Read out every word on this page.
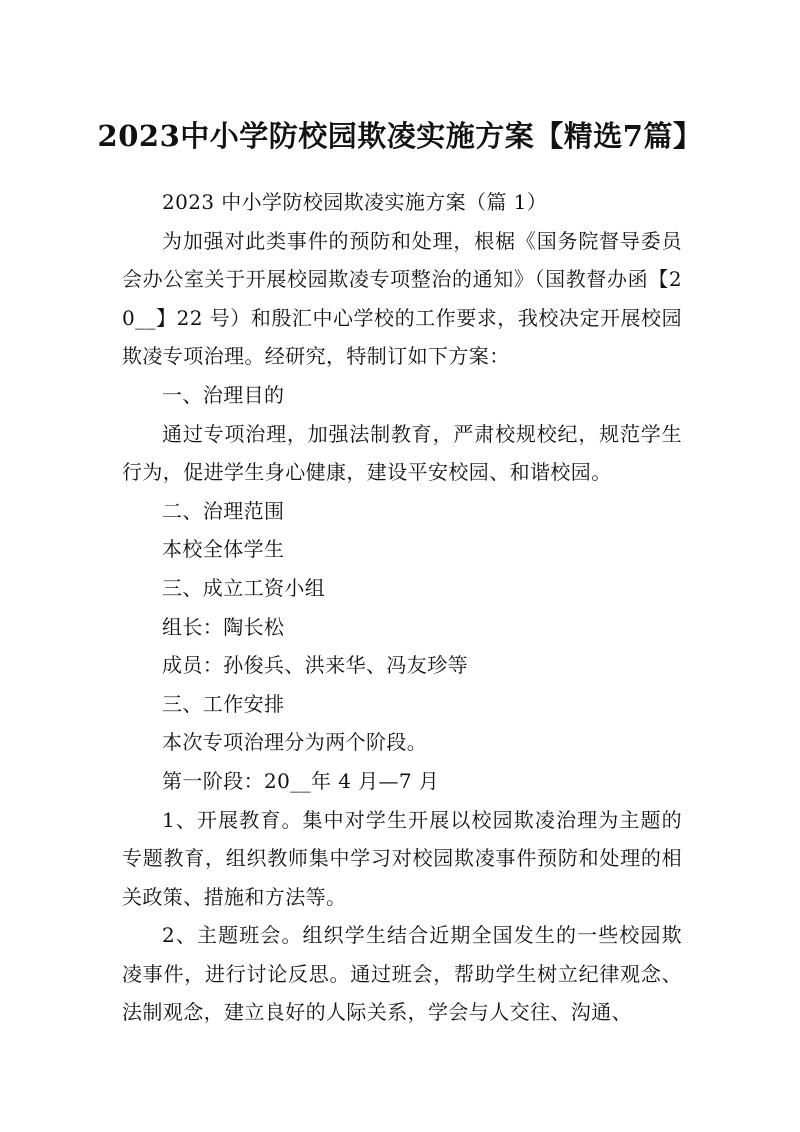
2023中小学防校园欺凌实施方案【精选7篇】

2023 中小学防校园欺凌实施方案（篇 1）

为加强对此类事件的预防和处理，根椐《国务院督导委员会办公室关于开展校园欺凌专项整治的通知》（国教督办函【20__】22 号）和殷汇中心学校的工作要求，我校决定开展校园欺凌专项治理。经研究，特制订如下方案：

一、治理目的

通过专项治理，加强法制教育，严肃校规校纪，规范学生行为，促进学生身心健康，建设平安校园、和谐校园。

二、治理范围

本校全体学生

三、成立工资小组

组长：陶长松

成员：孙俊兵、洪来华、冯友珍等

三、工作安排

本次专项治理分为两个阶段。

第一阶段：20__年 4 月—7 月

1、开展教育。集中对学生开展以校园欺凌治理为主题的专题教育，组织教师集中学习对校园欺凌事件预防和处理的相关政策、措施和方法等。

2、主题班会。组织学生结合近期全国发生的一些校园欺凌事件，进行讨论反思。通过班会，帮助学生树立纪律观念、法制观念，建立良好的人际关系，学会与人交往、沟通、
